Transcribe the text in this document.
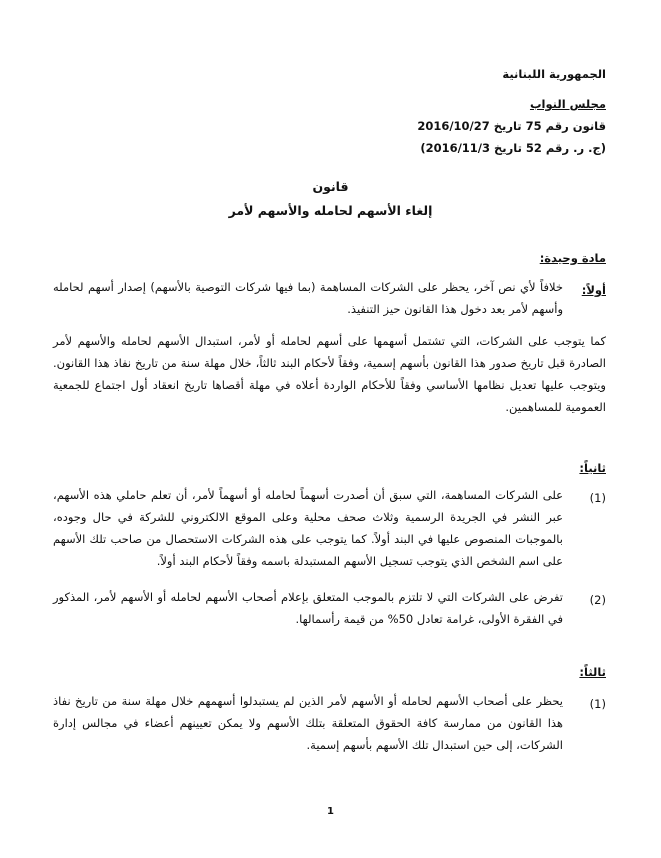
الجمهورية اللبنانية
مجلس النواب
قانون رقم 75 تاريخ 2016/10/27
(ج. ر. رقم 52 تاريخ 2016/11/3)
قانون
إلغاء الأسهم لحامله والأسهم لأمر
مادة وحيدة:
أولاً:
خلافاً لأي نص آخر، يحظر على الشركات المساهمة (بما فيها شركات التوصية بالأسهم) إصدار أسهم لحامله وأسهم لأمر بعد دخول هذا القانون حيز التنفيذ.
كما يتوجب على الشركات، التي تشتمل أسهمها على أسهم لحامله أو لأمر، استبدال الأسهم لحامله والأسهم لأمر الصادرة قبل تاريخ صدور هذا القانون بأسهم إسمية، وفقاً لأحكام البند ثالثاً، خلال مهلة سنة من تاريخ نفاذ هذا القانون. ويتوجب عليها تعديل نظامها الأساسي وفقاً للأحكام الواردة أعلاه في مهلة أقصاها تاريخ انعقاد أول اجتماع للجمعية العمومية للمساهمين.
ثانياً:
(1)
على الشركات المساهمة، التي سبق أن أصدرت أسهماً لحامله أو أسهماً لأمر، أن تعلم حاملي هذه الأسهم، عبر النشر في الجريدة الرسمية وثلاث صحف محلية وعلى الموقع الالكتروني للشركة في حال وجوده، بالموجبات المنصوص عليها في البند أولاً. كما يتوجب على هذه الشركات الاستحصال من صاحب تلك الأسهم على اسم الشخص الذي يتوجب تسجيل الأسهم المستبدلة باسمه وفقاً لأحكام البند أولاً.
(2)
تفرض على الشركات التي لا تلتزم بالموجب المتعلق بإعلام أصحاب الأسهم لحامله أو الأسهم لأمر، المذكور في الفقرة الأولى، غرامة تعادل 50% من قيمة رأسمالها.
ثالثاً:
(1)
يحظر على أصحاب الأسهم لحامله أو الأسهم لأمر الذين لم يستبدلوا أسهمهم خلال مهلة سنة من تاريخ نفاذ هذا القانون من ممارسة كافة الحقوق المتعلقة بتلك الأسهم ولا يمكن تعيينهم أعضاء في مجالس إدارة الشركات، إلى حين استبدال تلك الأسهم بأسهم إسمية.
1
